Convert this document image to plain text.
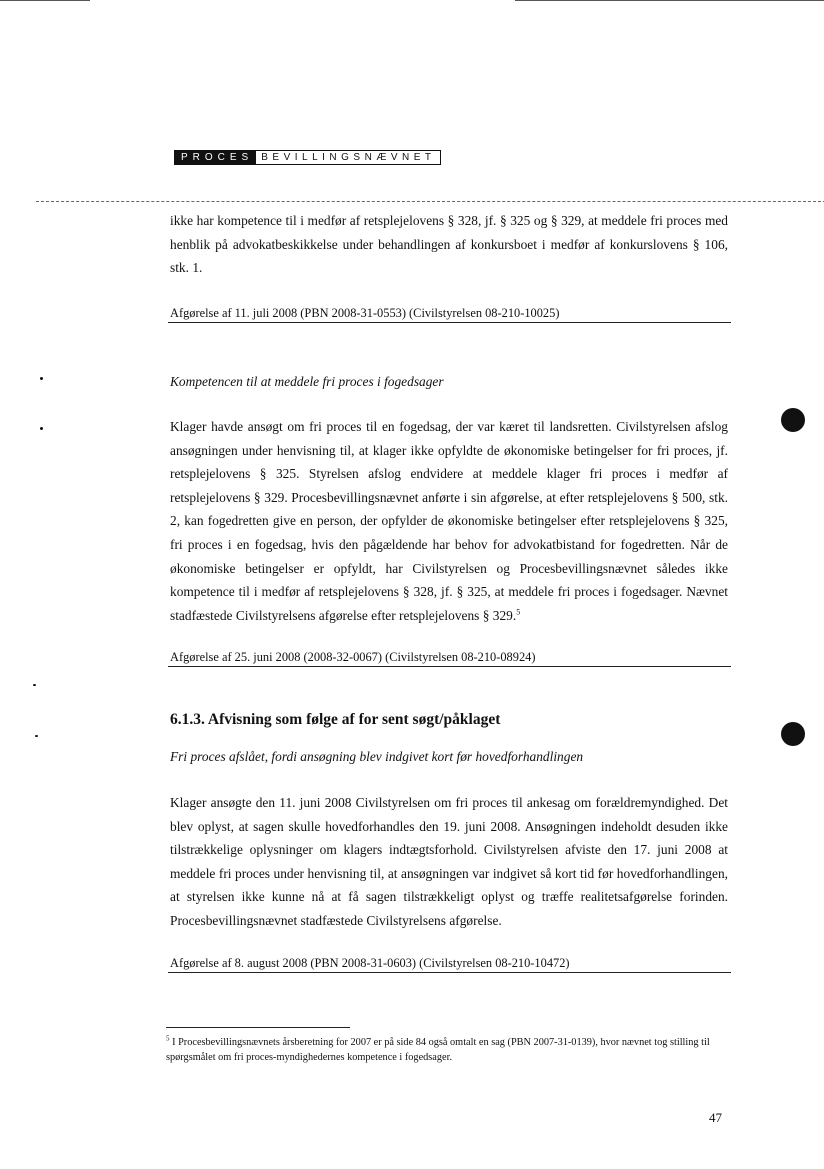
PROCES BEVILLINGSNÆVNET
ikke har kompetence til i medfør af retsplejelovens § 328, jf. § 325 og § 329, at meddele fri proces med henblik på advokatbeskikkelse under behandlingen af konkursboet i medfør af konkurslovens § 106, stk. 1.
Afgørelse af 11. juli 2008 (PBN 2008-31-0553) (Civilstyrelsen 08-210-10025)
Kompetencen til at meddele fri proces i fogedsager
Klager havde ansøgt om fri proces til en fogedsag, der var kæret til landsretten. Civilstyrelsen afslog ansøgningen under henvisning til, at klager ikke opfyldte de økonomiske betingelser for fri proces, jf. retsplejelovens § 325. Styrelsen afslog endvidere at meddele klager fri proces i medfør af retsplejelovens § 329. Procesbevillingsnævnet anførte i sin afgørelse, at efter retsplejelovens § 500, stk. 2, kan fogedretten give en person, der opfylder de økonomiske betingelser efter retsplejelovens § 325, fri proces i en fogedsag, hvis den pågældende har behov for advokatbistand for fogedretten. Når de økonomiske betingelser er opfyldt, har Civilstyrelsen og Procesbevillingsnævnet således ikke kompetence til i medfør af retsplejelovens § 328, jf. § 325, at meddele fri proces i fogedsager. Nævnet stadfæstede Civilstyrelsens afgørelse efter retsplejelovens § 329.$^5$
Afgørelse af 25. juni 2008 (2008-32-0067) (Civilstyrelsen 08-210-08924)
6.1.3. Afvisning som følge af for sent søgt/påklaget
Fri proces afslået, fordi ansøgning blev indgivet kort før hovedforhandlingen
Klager ansøgte den 11. juni 2008 Civilstyrelsen om fri proces til ankesag om forældremyndighed. Det blev oplyst, at sagen skulle hovedforhandles den 19. juni 2008. Ansøgningen indeholdt desuden ikke tilstrækkelige oplysninger om klagers indtægtsforhold. Civilstyrelsen afviste den 17. juni 2008 at meddele fri proces under henvisning til, at ansøgningen var indgivet så kort tid før hovedforhandlingen, at styrelsen ikke kunne nå at få sagen tilstrækkeligt oplyst og træffe realitetsafgørelse forinden. Procesbevillingsnævnet stadfæstede Civilstyrelsens afgørelse.
Afgørelse af 8. august 2008 (PBN 2008-31-0603) (Civilstyrelsen 08-210-10472)
$^5$ I Procesbevillingsnævnets årsberetning for 2007 er på side 84 også omtalt en sag (PBN 2007-31-0139), hvor nævnet tog stilling til spørgsmålet om fri proces-myndighedernes kompetence i fogedsager.
47
